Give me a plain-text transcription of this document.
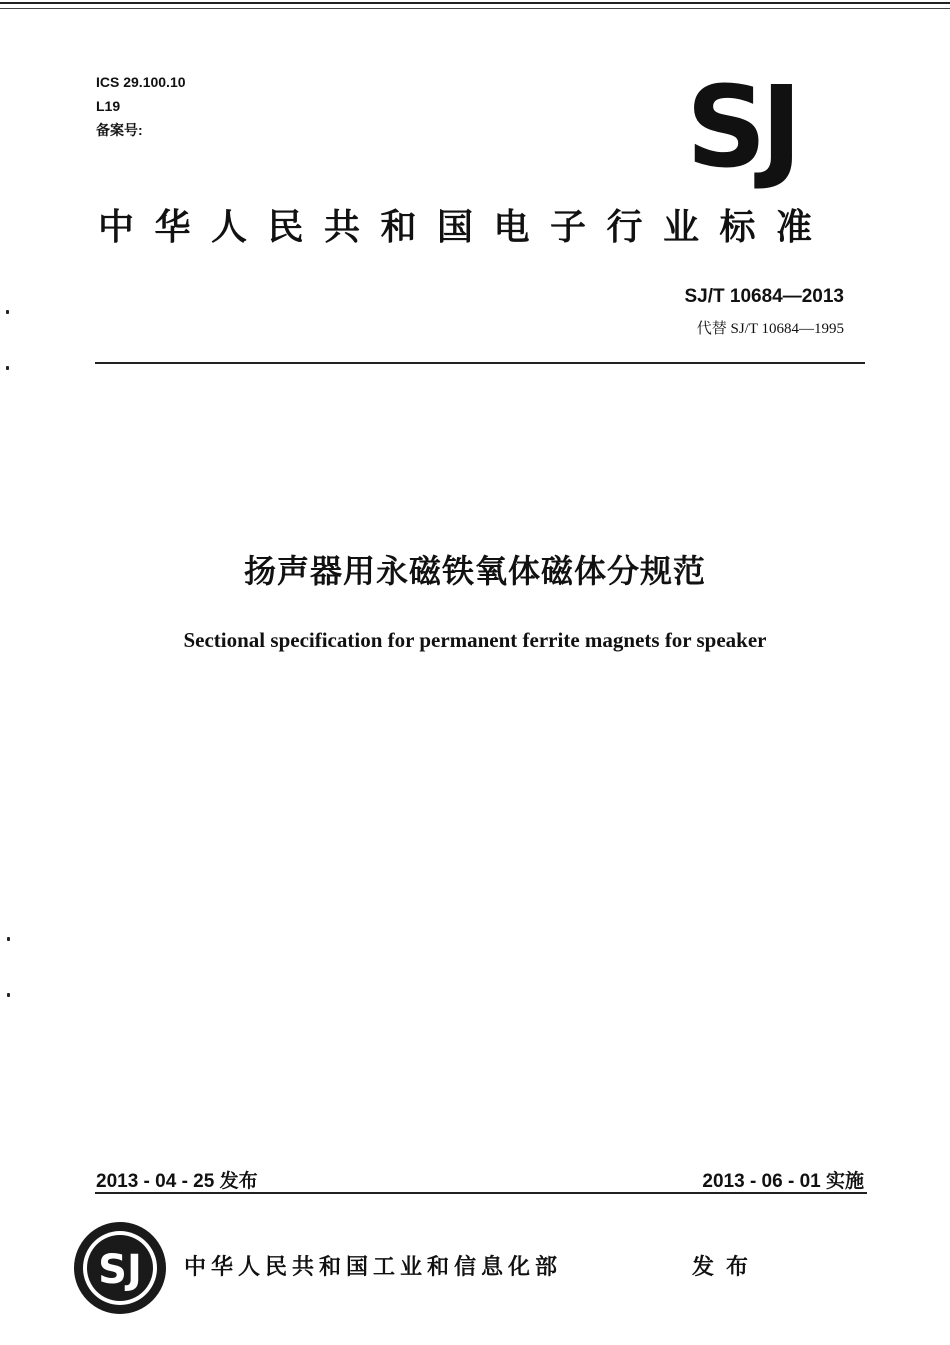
ICS 29.100.10
L19
备案号:	SJ
中华人民共和国电子行业标准
SJ/T 10684—2013
代替 SJ/T 10684—1995
扬声器用永磁铁氧体磁体分规范
Sectional specification for permanent ferrite magnets for speaker
2013 - 04 - 25 发布	2013 - 06 - 01 实施
SJ 中华人民共和国工业和信息化部	发布
